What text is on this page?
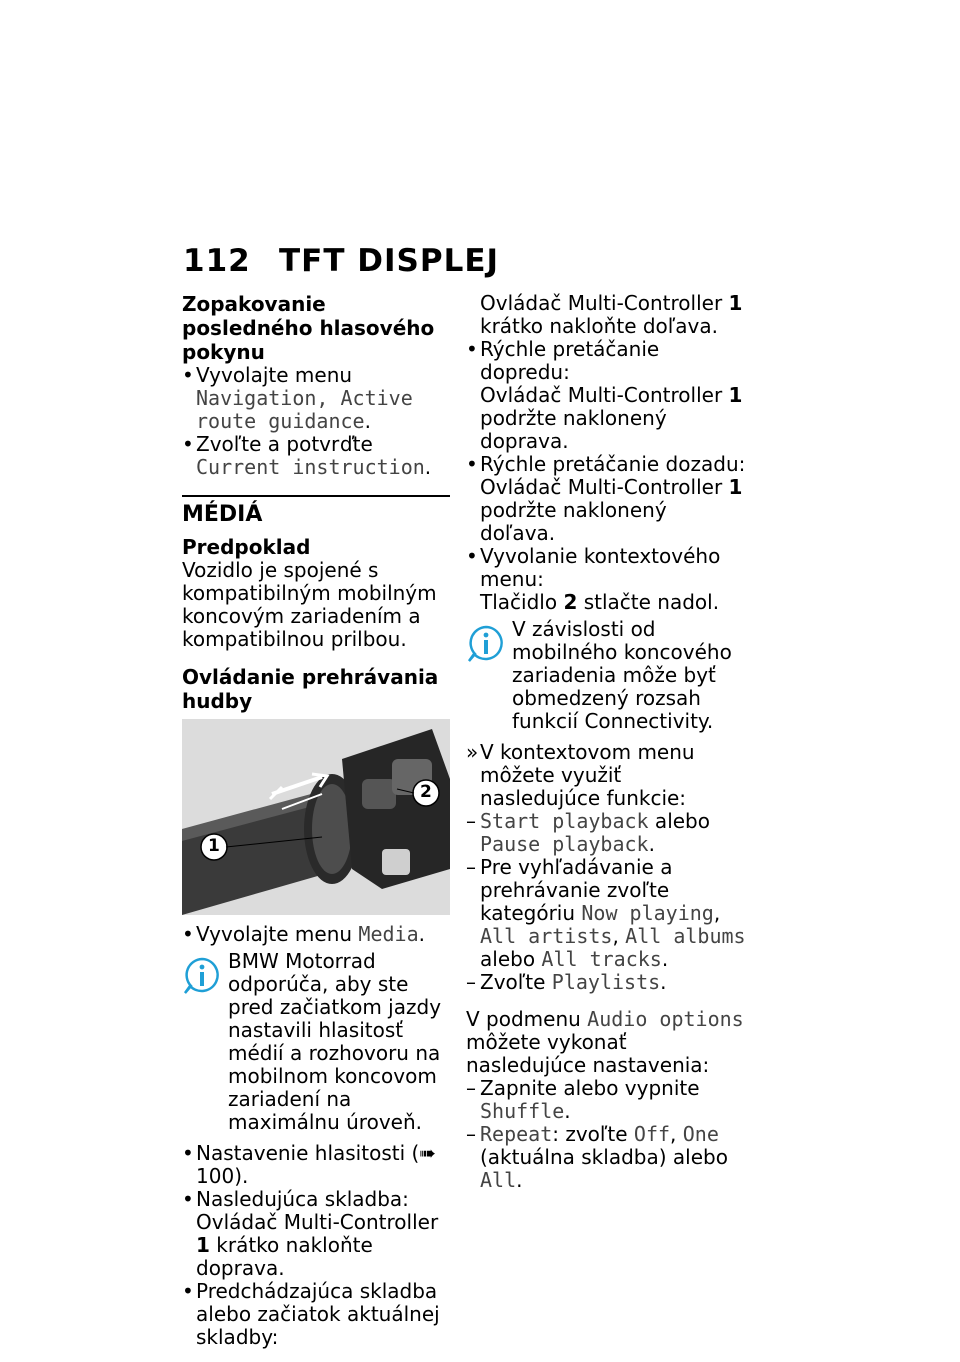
112 TFT DISPLEJ
Zopakovanie posledného hlasového pokynu

• Vyvolajte menu Navigation, Active route guidance.

• Zvoľte a potvrďte Current instruction.

MÉDIÁ
Predpoklad

Vozidlo je spojené s kompatibilným mobilným koncovým zariadením a kompatibilnou prilbou.

Ovládanie prehrávania hudby
1
2

• Vyvolajte menu Media.

BMW Motorrad odporúča, aby ste pred začiatkom jazdy nastavili hlasitosť médií a rozhovoru na mobilnom koncovom zariadení na maximálnu úroveň.

• Nastavenie hlasitosti (➠ 100).

• Nasledujúca skladba: Ovládač Multi-Controller 1 krátko nakloňte doprava.

• Predchádzajúca skladba alebo začiatok aktuálnej skladby:

Ovládač Multi-Controller 1 krátko nakloňte doľava.

• Rýchle pretáčanie dopredu:

Ovládač Multi-Controller 1 podržte naklonený doprava.

• Rýchle pretáčanie dozadu:

Ovládač Multi-Controller 1 podržte naklonený doľava.

• Vyvolanie kontextového menu:

Tlačidlo 2 stlačte nadol.

V závislosti od mobilného koncového zariadenia môže byť obmedzený rozsah funkcií Connectivity.

» V kontextovom menu môžete využiť nasledujúce funkcie:

– Start playback alebo Pause playback.

– Pre vyhľadávanie a prehrávanie zvoľte kategóriu Now playing, All artists, All albums alebo All tracks.

– Zvoľte Playlists.

V podmenu Audio options môžete vykonať nasledujúce nastavenia:

– Zapnite alebo vypnite Shuffle.

– Repeat: zvoľte Off, One (aktuálna skladba) alebo All.
